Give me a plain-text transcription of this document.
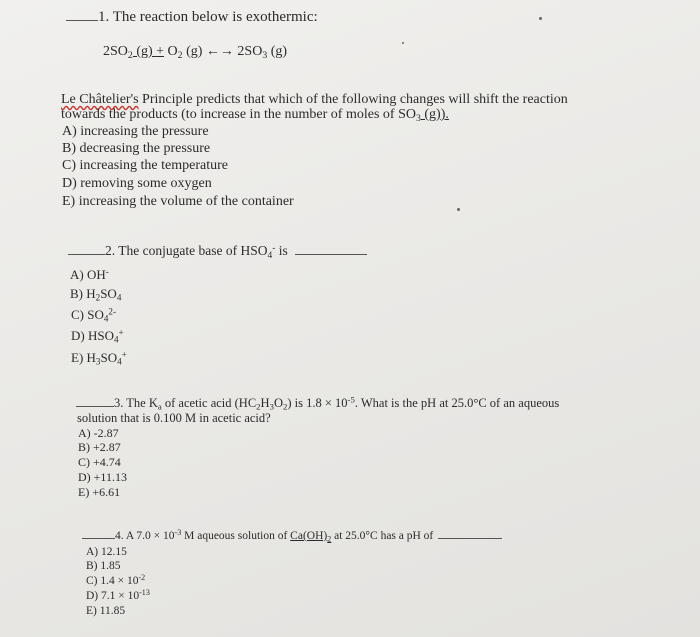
1. The reaction below is exothermic:
$2SO_2$ $(g) + O_2$ (g) ←→ $2SO_3$ (g)
Le Châtelier's Principle predicts that which of the following changes will shift the reaction
towards the products (to increase in the number of moles of $SO_3$ (g)).
A) increasing the pressure
B) decreasing the pressure
C) increasing the temperature
D) removing some oxygen
E) increasing the volume of the container
2. The conjugate base of $HSO_4^-$ is
A) OH-
B) $H_2SO_4$
C) $SO_4^{2-}$
D) $HSO_4^+$
E) $H_3SO_4^+$
3. The $K_a$ of acetic acid $(HC_2H_3O_2)$ is $1.8 \times 10^{-5}$. What is the pH at 25.0°C of an aqueous
solution that is 0.100 M in acetic acid?
A) -2.87
B) +2.87
C) +4.74
D) +11.13
E) +6.61
4. A $7.0 \times 10^{-3}$ M aqueous solution of $Ca(OH)_2$ at 25.0°C has a pH of
A) 12.15
B) 1.85
C) $1.4 \times 10^{-2}$
D) $7.1 \times 10^{-13}$
E) 11.85
